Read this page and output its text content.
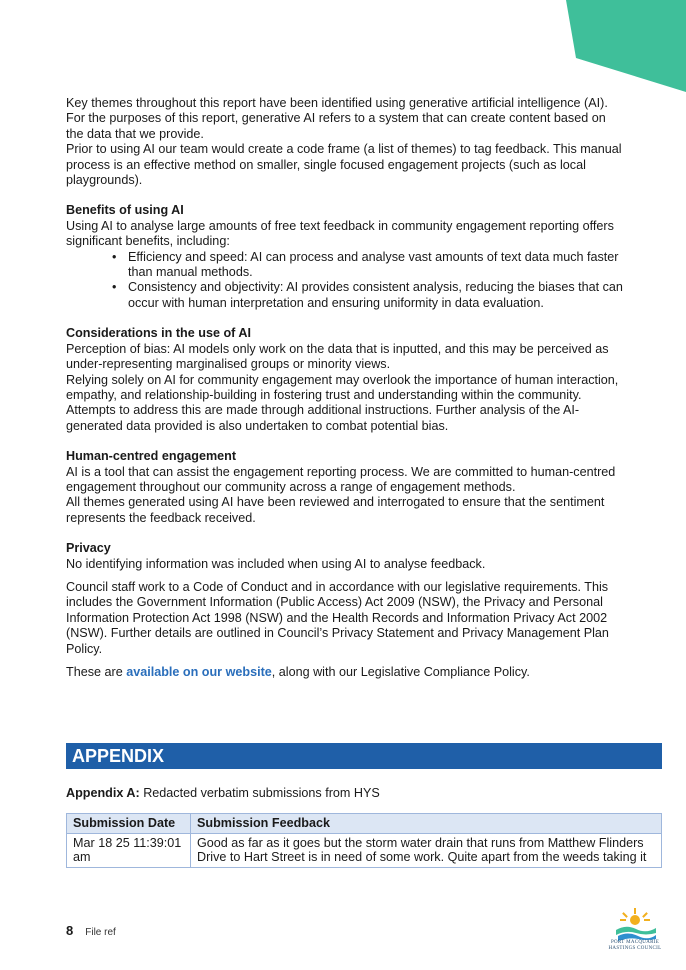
Key themes throughout this report have been identified using generative artificial intelligence (AI). For the purposes of this report, generative AI refers to a system that can create content based on the data that we provide.

Prior to using AI our team would create a code frame (a list of themes) to tag feedback. This manual process is an effective method on smaller, single focused engagement projects (such as local playgrounds).

Benefits of using AI

Using AI to analyse large amounts of free text feedback in community engagement reporting offers significant benefits, including:

• Efficiency and speed: AI can process and analyse vast amounts of text data much faster than manual methods.
• Consistency and objectivity: AI provides consistent analysis, reducing the biases that can occur with human interpretation and ensuring uniformity in data evaluation.
Considerations in the use of AI

Perception of bias: AI models only work on the data that is inputted, and this may be perceived as under-representing marginalised groups or minority views.

Relying solely on AI for community engagement may overlook the importance of human interaction, empathy, and relationship-building in fostering trust and understanding within the community.

Attempts to address this are made through additional instructions. Further analysis of the AI-generated data provided is also undertaken to combat potential bias.

Human-centred engagement

AI is a tool that can assist the engagement reporting process. We are committed to human-centred engagement throughout our community across a range of engagement methods.

All themes generated using AI have been reviewed and interrogated to ensure that the sentiment represents the feedback received.

Privacy

No identifying information was included when using AI to analyse feedback.

Council staff work to a Code of Conduct and in accordance with our legislative requirements. This includes the Government Information (Public Access) Act 2009 (NSW), the Privacy and Personal Information Protection Act 1998 (NSW) and the Health Records and Information Privacy Act 2002 (NSW). Further details are outlined in Council’s Privacy Statement and Privacy Management Plan Policy.

These are available on our website, along with our Legislative Compliance Policy.

APPENDIX

Appendix A: Redacted verbatim submissions from HYS

Submission Date	Submission Feedback

Mar 18 25 11:39:01 am	Good as far as it goes but the storm water drain that runs from Matthew Flinders Drive to Hart Street is in need of some work. Quite apart from the weeds taking it
8 File ref
PORT MACQUARIE HASTINGS COUNCIL
